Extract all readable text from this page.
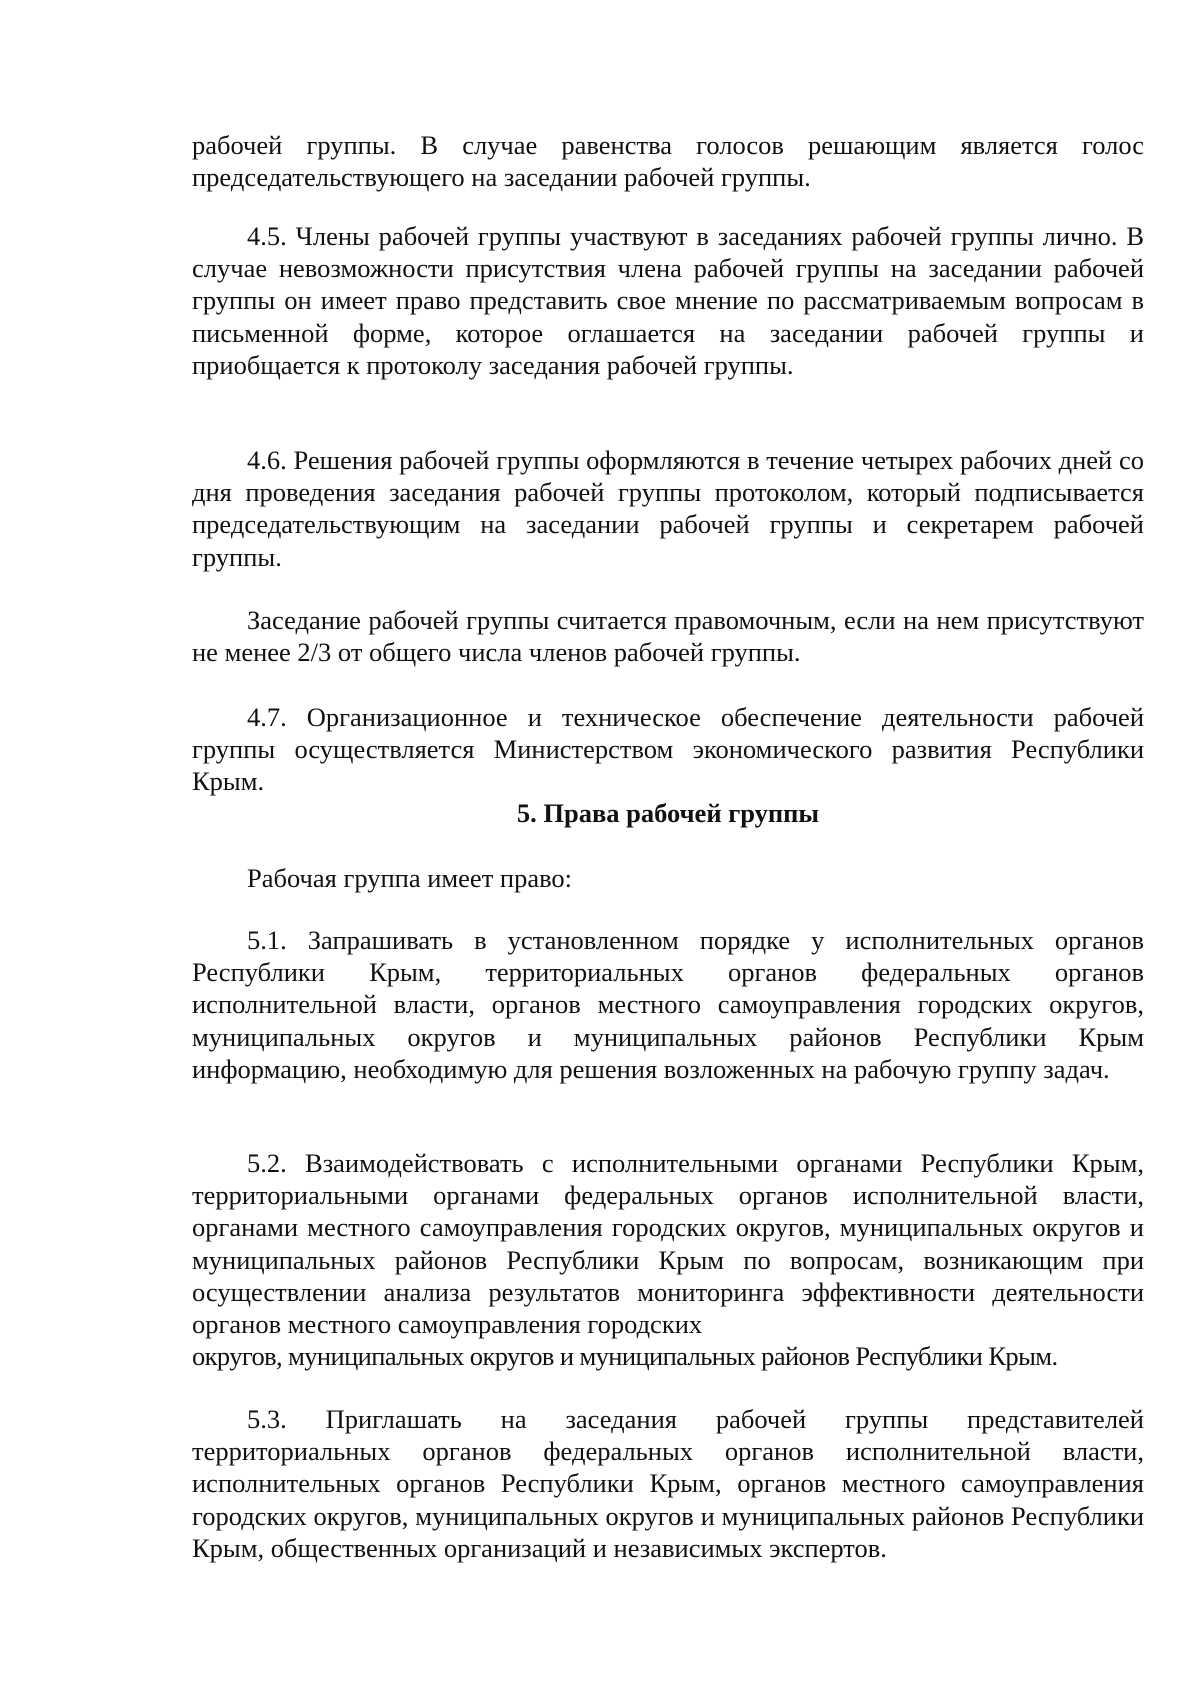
рабочей группы. В случае равенства голосов решающим является голос председательствующего на заседании рабочей группы.

4.5. Члены рабочей группы участвуют в заседаниях рабочей группы лично. В случае невозможности присутствия члена рабочей группы на заседании рабочей группы он имеет право представить свое мнение по рассматриваемым вопросам в письменной форме, которое оглашается на заседании рабочей группы и приобщается к протоколу заседания рабочей группы.

4.6. Решения рабочей группы оформляются в течение четырех рабочих дней со дня проведения заседания рабочей группы протоколом, который подписывается председательствующим на заседании рабочей группы и секретарем рабочей группы.

Заседание рабочей группы считается правомочным, если на нем присутствуют не менее 2/3 от общего числа членов рабочей группы.

4.7. Организационное и техническое обеспечение деятельности рабочей группы осуществляется Министерством экономического развития Республики Крым.

5. Права рабочей группы

Рабочая группа имеет право:

5.1. Запрашивать в установленном порядке у исполнительных органов Республики Крым, территориальных органов федеральных органов исполнительной власти, органов местного самоуправления городских округов, муниципальных округов и муниципальных районов Республики Крым информацию, необходимую для решения возложенных на рабочую группу задач.

5.2. Взаимодействовать с исполнительными органами Республики Крым, территориальными органами федеральных органов исполнительной власти, органами местного самоуправления городских округов, муниципальных округов и муниципальных районов Республики Крым по вопросам, возникающим при осуществлении анализа результатов мониторинга эффективности деятельности органов местного самоуправления городских

округов, муниципальных округов и муниципальных районов Республики Крым.

5.3. Приглашать на заседания рабочей группы представителей территориальных органов федеральных органов исполнительной власти, исполнительных органов Республики Крым, органов местного самоуправления городских округов, муниципальных округов и муниципальных районов Республики Крым, общественных организаций и независимых экспертов.
